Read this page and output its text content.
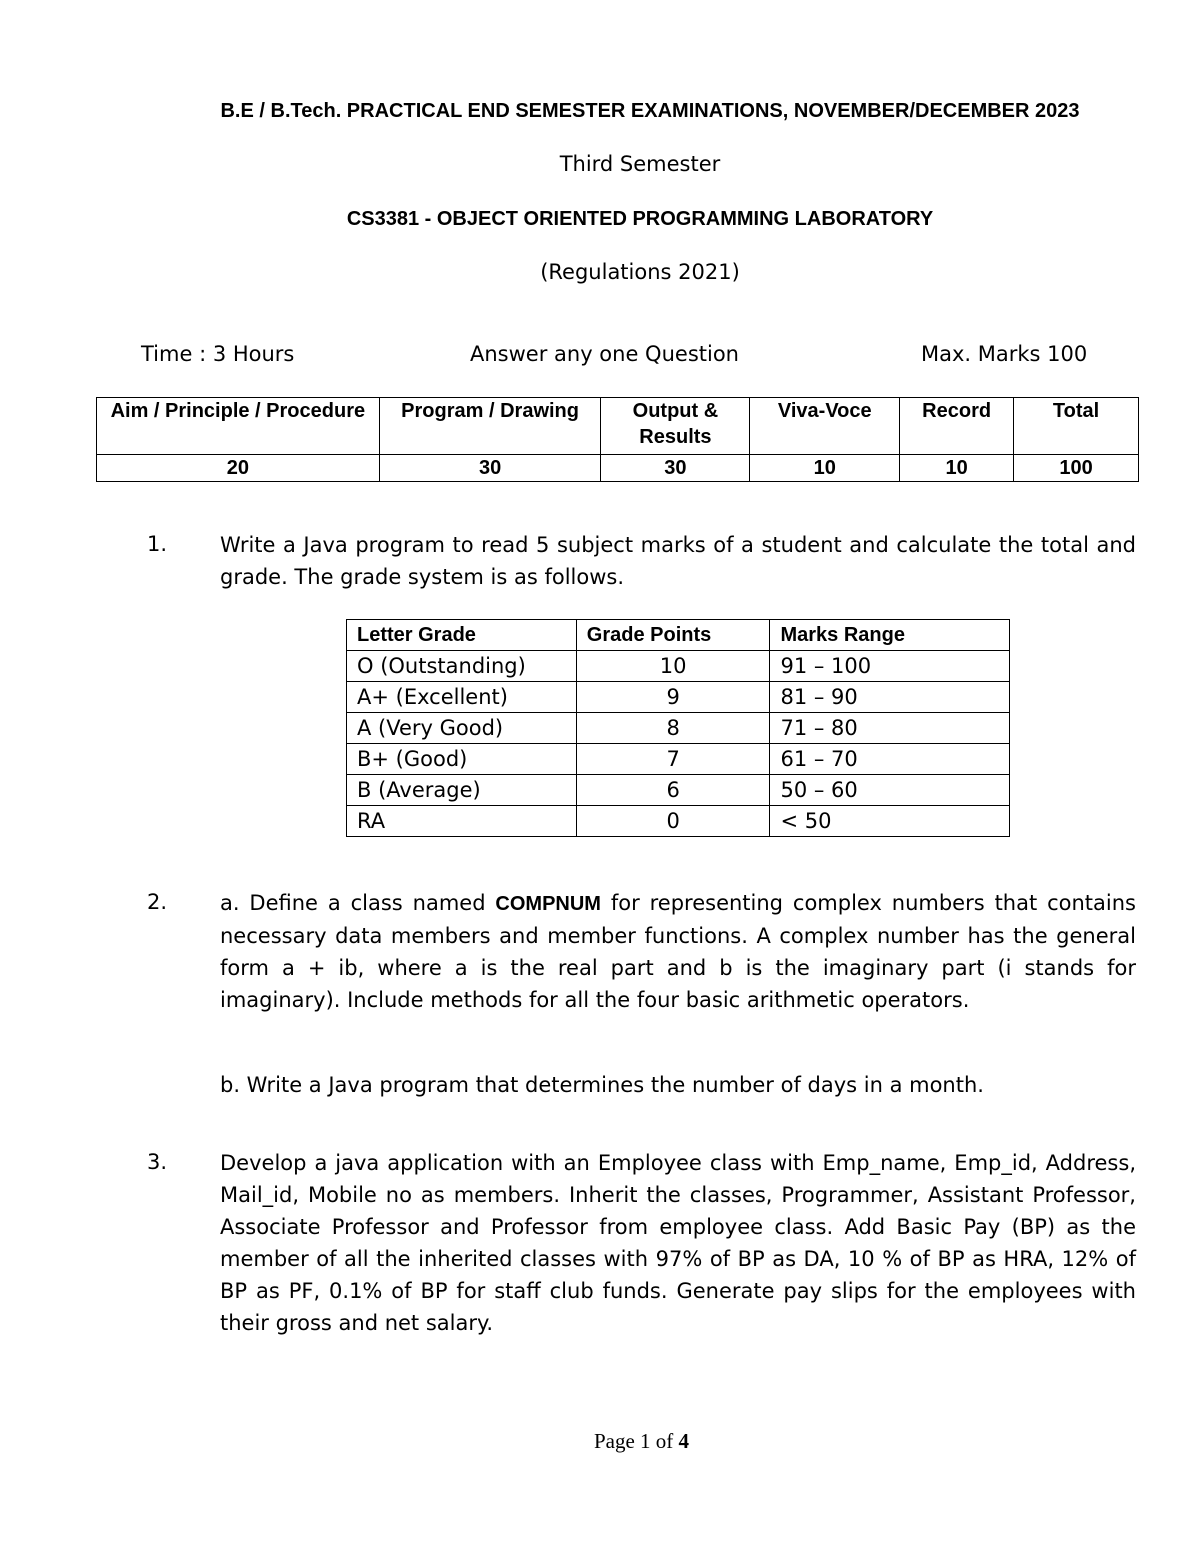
B.E / B.Tech. PRACTICAL END SEMESTER EXAMINATIONS, NOVEMBER/DECEMBER 2023
Third Semester
CS3381 - OBJECT ORIENTED PROGRAMMING LABORATORY
(Regulations 2021)
Time : 3 Hours	Answer any one Question	Max. Marks 100
Aim / Principle / Procedure	Program / Drawing	Output & Results	Viva-Voce	Record	Total
20	30	30	10	10	100
1.	Write a Java program to read 5 subject marks of a student and calculate the total and grade. The grade system is as follows.
Letter Grade	Grade Points	Marks Range
O (Outstanding)	10	91 – 100
A+ (Excellent)	9	81 – 90
A (Very Good)	8	71 – 80
B+ (Good)	7	61 – 70
B (Average)	6	50 – 60
RA	0	< 50
2.	a. Define a class named COMPNUM for representing complex numbers that contains necessary data members and member functions. A complex number has the general form a + ib, where a is the real part and b is the imaginary part (i stands for imaginary). Include methods for all the four basic arithmetic operators.
b. Write a Java program that determines the number of days in a month.
3.	Develop a java application with an Employee class with Emp_name, Emp_id, Address, Mail_id, Mobile no as members. Inherit the classes, Programmer, Assistant Professor, Associate Professor and Professor from employee class. Add Basic Pay (BP) as the member of all the inherited classes with 97% of BP as DA, 10 % of BP as HRA, 12% of BP as PF, 0.1% of BP for staff club funds. Generate pay slips for the employees with their gross and net salary.
Page 1 of 4
